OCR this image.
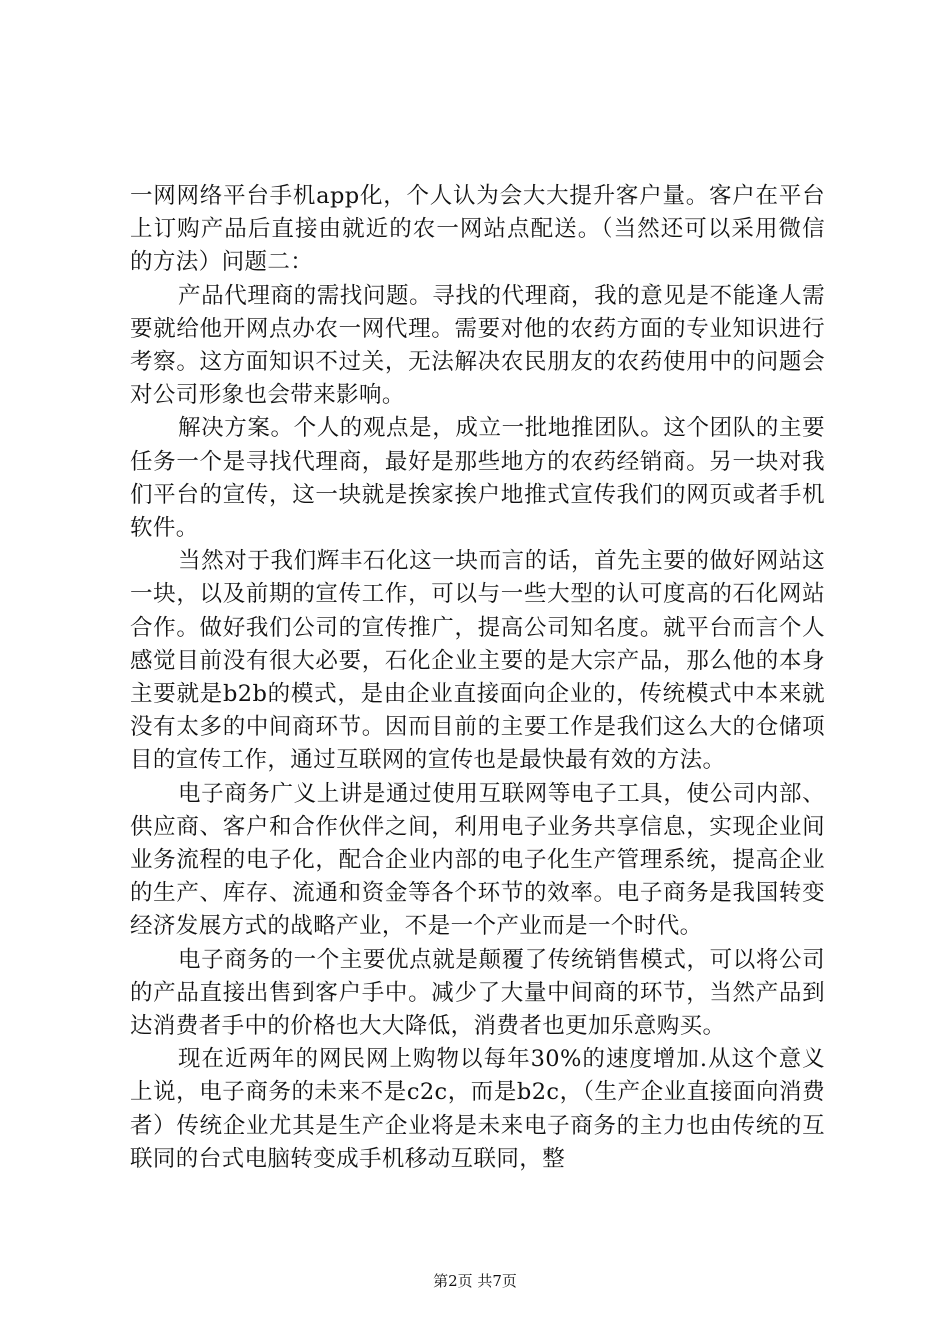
一网网络平台手机app化，个人认为会大大提升客户量。客户在平台上订购产品后直接由就近的农一网站点配送。（当然还可以采用微信的方法）问题二：

产品代理商的需找问题。寻找的代理商，我的意见是不能逢人需要就给他开网点办农一网代理。需要对他的农药方面的专业知识进行考察。这方面知识不过关，无法解决农民朋友的农药使用中的问题会对公司形象也会带来影响。

解决方案。个人的观点是，成立一批地推团队。这个团队的主要任务一个是寻找代理商，最好是那些地方的农药经销商。另一块对我们平台的宣传，这一块就是挨家挨户地推式宣传我们的网页或者手机软件。

当然对于我们辉丰石化这一块而言的话，首先主要的做好网站这一块，以及前期的宣传工作，可以与一些大型的认可度高的石化网站合作。做好我们公司的宣传推广，提高公司知名度。就平台而言个人感觉目前没有很大必要，石化企业主要的是大宗产品，那么他的本身主要就是b2b的模式，是由企业直接面向企业的，传统模式中本来就没有太多的中间商环节。因而目前的主要工作是我们这么大的仓储项目的宣传工作，通过互联网的宣传也是最快最有效的方法。

电子商务广义上讲是通过使用互联网等电子工具，使公司内部、供应商、客户和合作伙伴之间，利用电子业务共享信息，实现企业间业务流程的电子化，配合企业内部的电子化生产管理系统，提高企业的生产、库存、流通和资金等各个环节的效率。电子商务是我国转变经济发展方式的战略产业，不是一个产业而是一个时代。

电子商务的一个主要优点就是颠覆了传统销售模式，可以将公司的产品直接出售到客户手中。减少了大量中间商的环节，当然产品到达消费者手中的价格也大大降低，消费者也更加乐意购买。

现在近两年的网民网上购物以每年30%的速度增加.从这个意义上说，电子商务的未来不是c2c，而是b2c，（生产企业直接面向消费者）传统企业尤其是生产企业将是未来电子商务的主力也由传统的互联同的台式电脑转变成手机移动互联同，整

第2页 共7页
